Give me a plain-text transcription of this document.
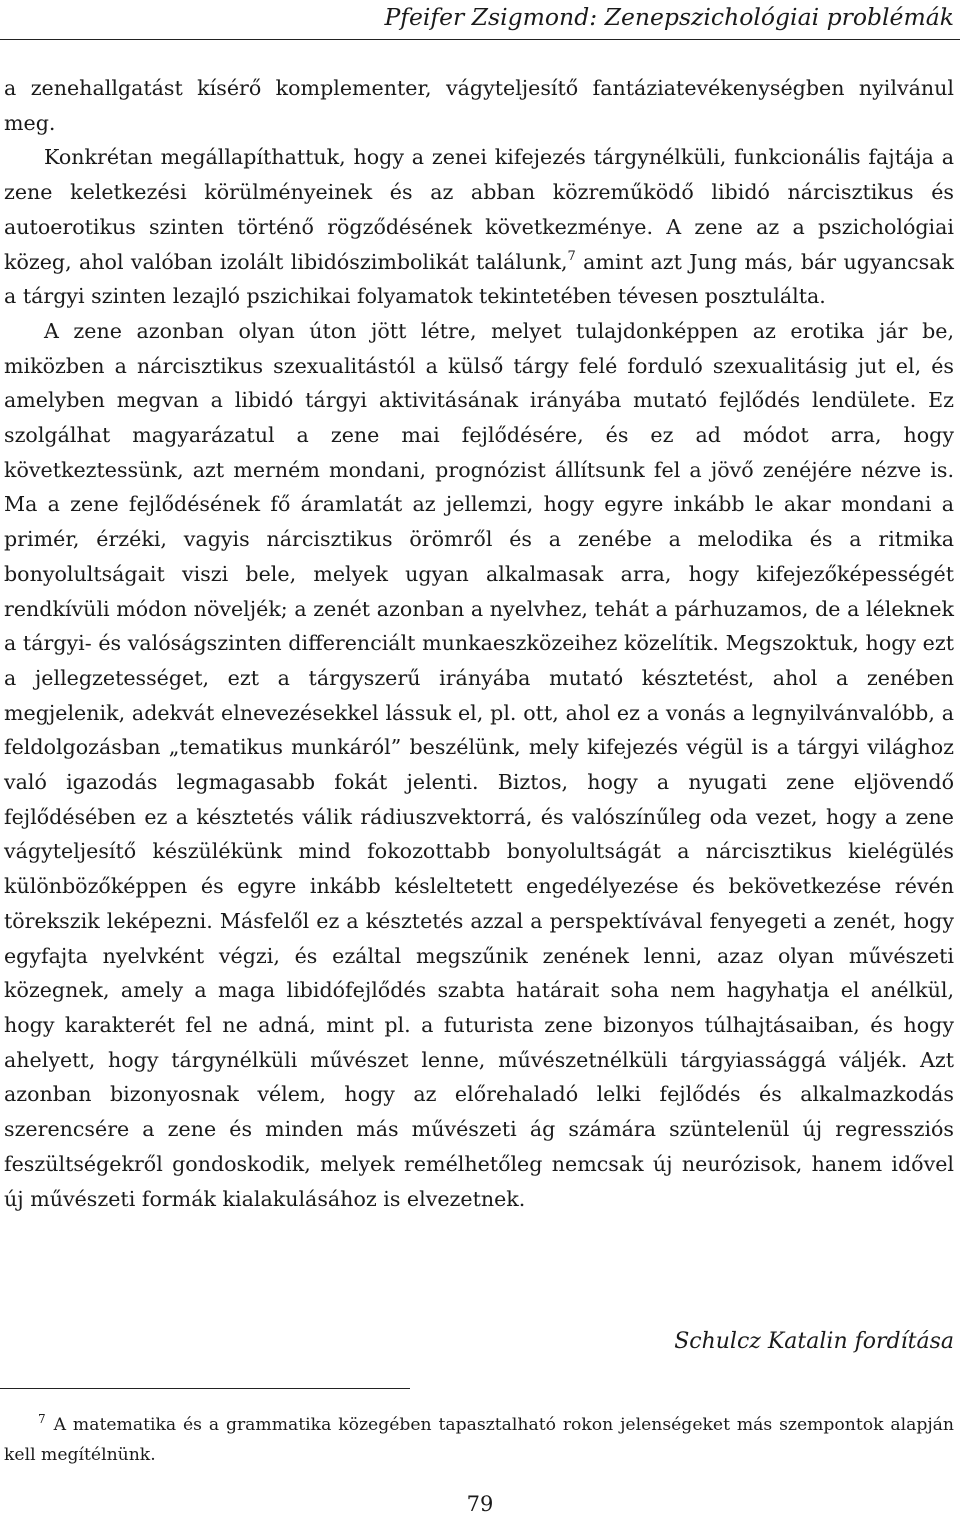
Pfeifer Zsigmond: Zenepszichológiai problémák

a zenehallgatást kísérő komplementer, vágyteljesítő fantáziatevékenységben nyilvánul meg.

Konkrétan megállapíthattuk, hogy a zenei kifejezés tárgynélküli, funkcionális fajtája a zene keletkezési körülményeinek és az abban közreműködő libidó nárcisztikus és autoerotikus szinten történő rögződésének következménye. A zene az a pszichológiai közeg, ahol valóban izolált libidószimbolikát találunk,$^7$ amint azt Jung más, bár ugyancsak a tárgyi szinten lezajló pszichikai folyamatok tekintetében tévesen posztulálta.

A zene azonban olyan úton jött létre, melyet tulajdonképpen az erotika jár be, miközben a nárcisztikus szexualitástól a külső tárgy felé forduló szexualitásig jut el, és amelyben megvan a libidó tárgyi aktivitásának irányába mutató fejlődés lendülete. Ez szolgálhat magyarázatul a zene mai fejlődésére, és ez ad módot arra, hogy következtessünk, azt merném mondani, prognózist állítsunk fel a jövő zenéjére nézve is. Ma a zene fejlődésének fő áramlatát az jellemzi, hogy egyre inkább le akar mondani a primér, érzéki, vagyis nárcisztikus örömről és a zenébe a melodika és a ritmika bonyolultságait viszi bele, melyek ugyan alkalmasak arra, hogy kifejezőképességét rendkívüli módon növeljék; a zenét azonban a nyelvhez, tehát a párhuzamos, de a léleknek a tárgyi- és valóságszinten differenciált munkaeszközeihez közelítik. Megszoktuk, hogy ezt a jellegzetességet, ezt a tárgyszerű irányába mutató késztetést, ahol a zenében megjelenik, adekvát elnevezésekkel lássuk el, pl. ott, ahol ez a vonás a legnyilvánvalóbb, a feldolgozásban „tematikus munkáról” beszélünk, mely kifejezés végül is a tárgyi világhoz való igazodás legmagasabb fokát jelenti. Biztos, hogy a nyugati zene eljövendő fejlődésében ez a késztetés válik rádiuszvektorrá, és valószínűleg oda vezet, hogy a zene vágyteljesítő készülékünk mind fokozottabb bonyolultságát a nárcisztikus kielégülés különbözőképpen és egyre inkább késleltetett engedélyezése és bekövetkezése révén törekszik leképezni. Másfelől ez a késztetés azzal a perspektívával fenyegeti a zenét, hogy egyfajta nyelvként végzi, és ezáltal megszűnik zenének lenni, azaz olyan művészeti közegnek, amely a maga libidófejlődés szabta határait soha nem hagyhatja el anélkül, hogy karakterét fel ne adná, mint pl. a futurista zene bizonyos túlhajtásaiban, és hogy ahelyett, hogy tárgynélküli művészet lenne, művészetnélküli tárgyiassággá váljék. Azt azonban bizonyosnak vélem, hogy az előrehaladó lelki fejlődés és alkalmazkodás szerencsére a zene és minden más művészeti ág számára szüntelenül új regressziós feszültségekről gondoskodik, melyek remélhetőleg nemcsak új neurózisok, hanem idővel új művészeti formák kialakulásához is elvezetnek.

Schulcz Katalin fordítása
$^7$ A matematika és a grammatika közegében tapasztalható rokon jelenségeket más szempontok alapján kell megítélnünk.
79
